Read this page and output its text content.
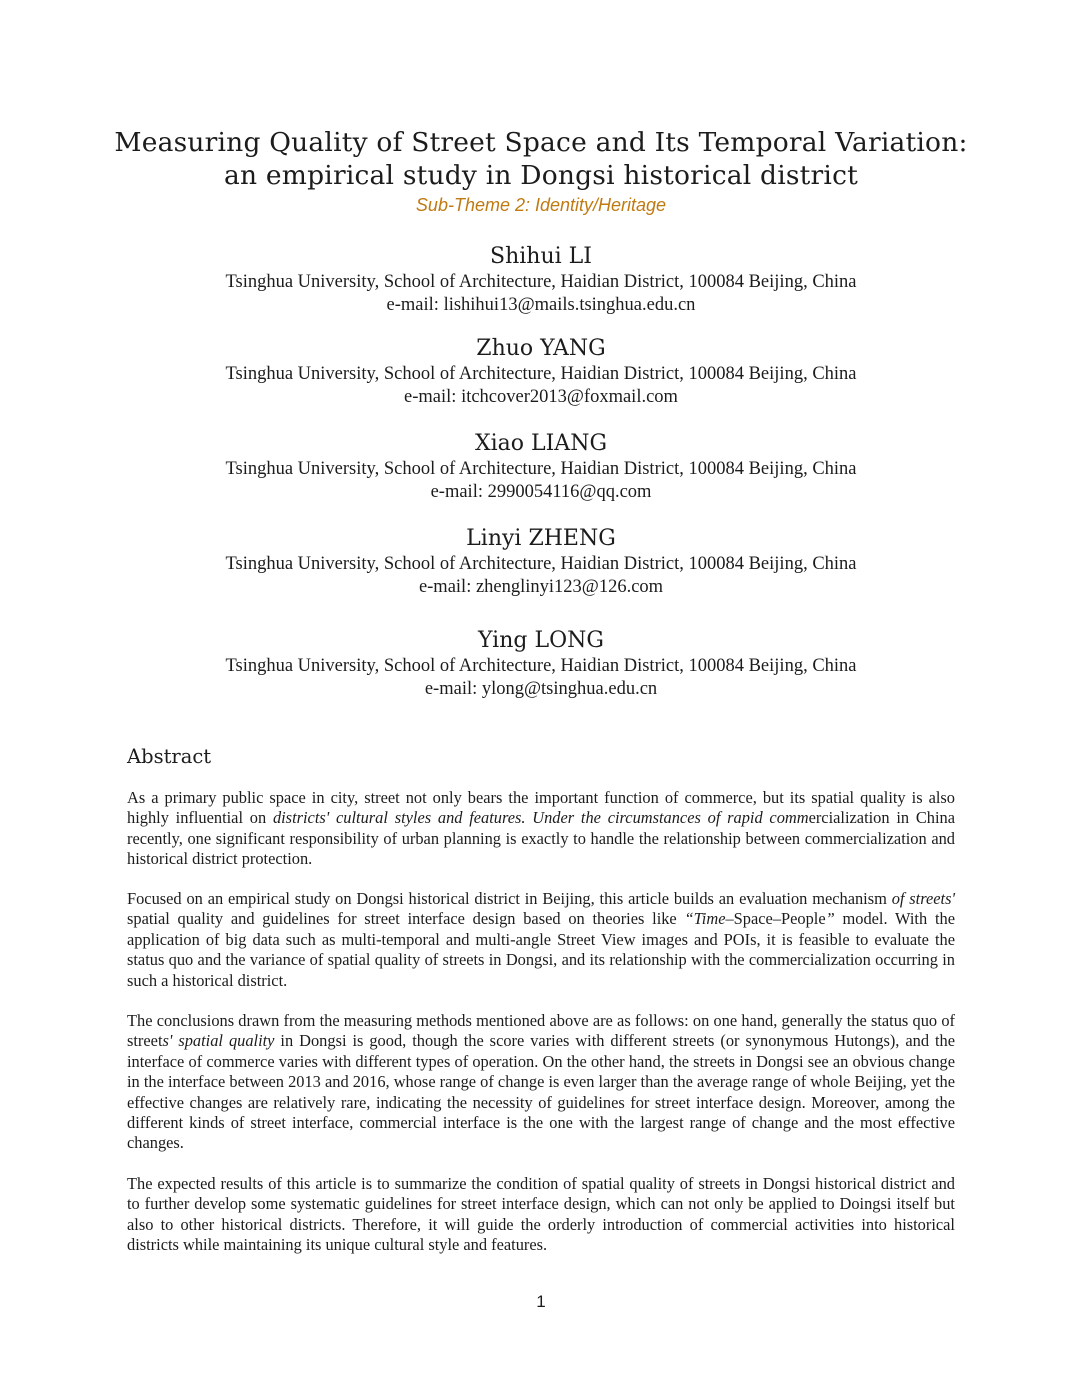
Measuring Quality of Street Space and Its Temporal Variation:
an empirical study in Dongsi historical district
Sub-Theme 2: Identity/Heritage
Shihui LI
Tsinghua University, School of Architecture, Haidian District, 100084 Beijing, China
e-mail: lishihui13@mails.tsinghua.edu.cn
Zhuo YANG
Tsinghua University, School of Architecture, Haidian District, 100084 Beijing, China
e-mail: itchcover2013@foxmail.com
Xiao LIANG
Tsinghua University, School of Architecture, Haidian District, 100084 Beijing, China
e-mail: 2990054116@qq.com
Linyi ZHENG
Tsinghua University, School of Architecture, Haidian District, 100084 Beijing, China
e-mail: zhenglinyi123@126.com
Ying LONG
Tsinghua University, School of Architecture, Haidian District, 100084 Beijing, China
e-mail: ylong@tsinghua.edu.cn
Abstract

As a primary public space in city, street not only bears the important function of commerce, but its spatial quality is also highly influential on districts' cultural styles and features. Under the circumstances of rapid commercialization in China recently, one significant responsibility of urban planning is exactly to handle the relationship between commercialization and historical district protection.

Focused on an empirical study on Dongsi historical district in Beijing, this article builds an evaluation mechanism of streets' spatial quality and guidelines for street interface design based on theories like “Time–Space–People” model. With the application of big data such as multi-temporal and multi-angle Street View images and POIs, it is feasible to evaluate the status quo and the variance of spatial quality of streets in Dongsi, and its relationship with the commercialization occurring in such a historical district.

The conclusions drawn from the measuring methods mentioned above are as follows: on one hand, generally the status quo of streets' spatial quality in Dongsi is good, though the score varies with different streets (or synonymous Hutongs), and the interface of commerce varies with different types of operation. On the other hand, the streets in Dongsi see an obvious change in the interface between 2013 and 2016, whose range of change is even larger than the average range of whole Beijing, yet the effective changes are relatively rare, indicating the necessity of guidelines for street interface design. Moreover, among the different kinds of street interface, commercial interface is the one with the largest range of change and the most effective changes.

The expected results of this article is to summarize the condition of spatial quality of streets in Dongsi historical district and to further develop some systematic guidelines for street interface design, which can not only be applied to Doingsi itself but also to other historical districts. Therefore, it will guide the orderly introduction of commercial activities into historical districts while maintaining its unique cultural style and features.

1
